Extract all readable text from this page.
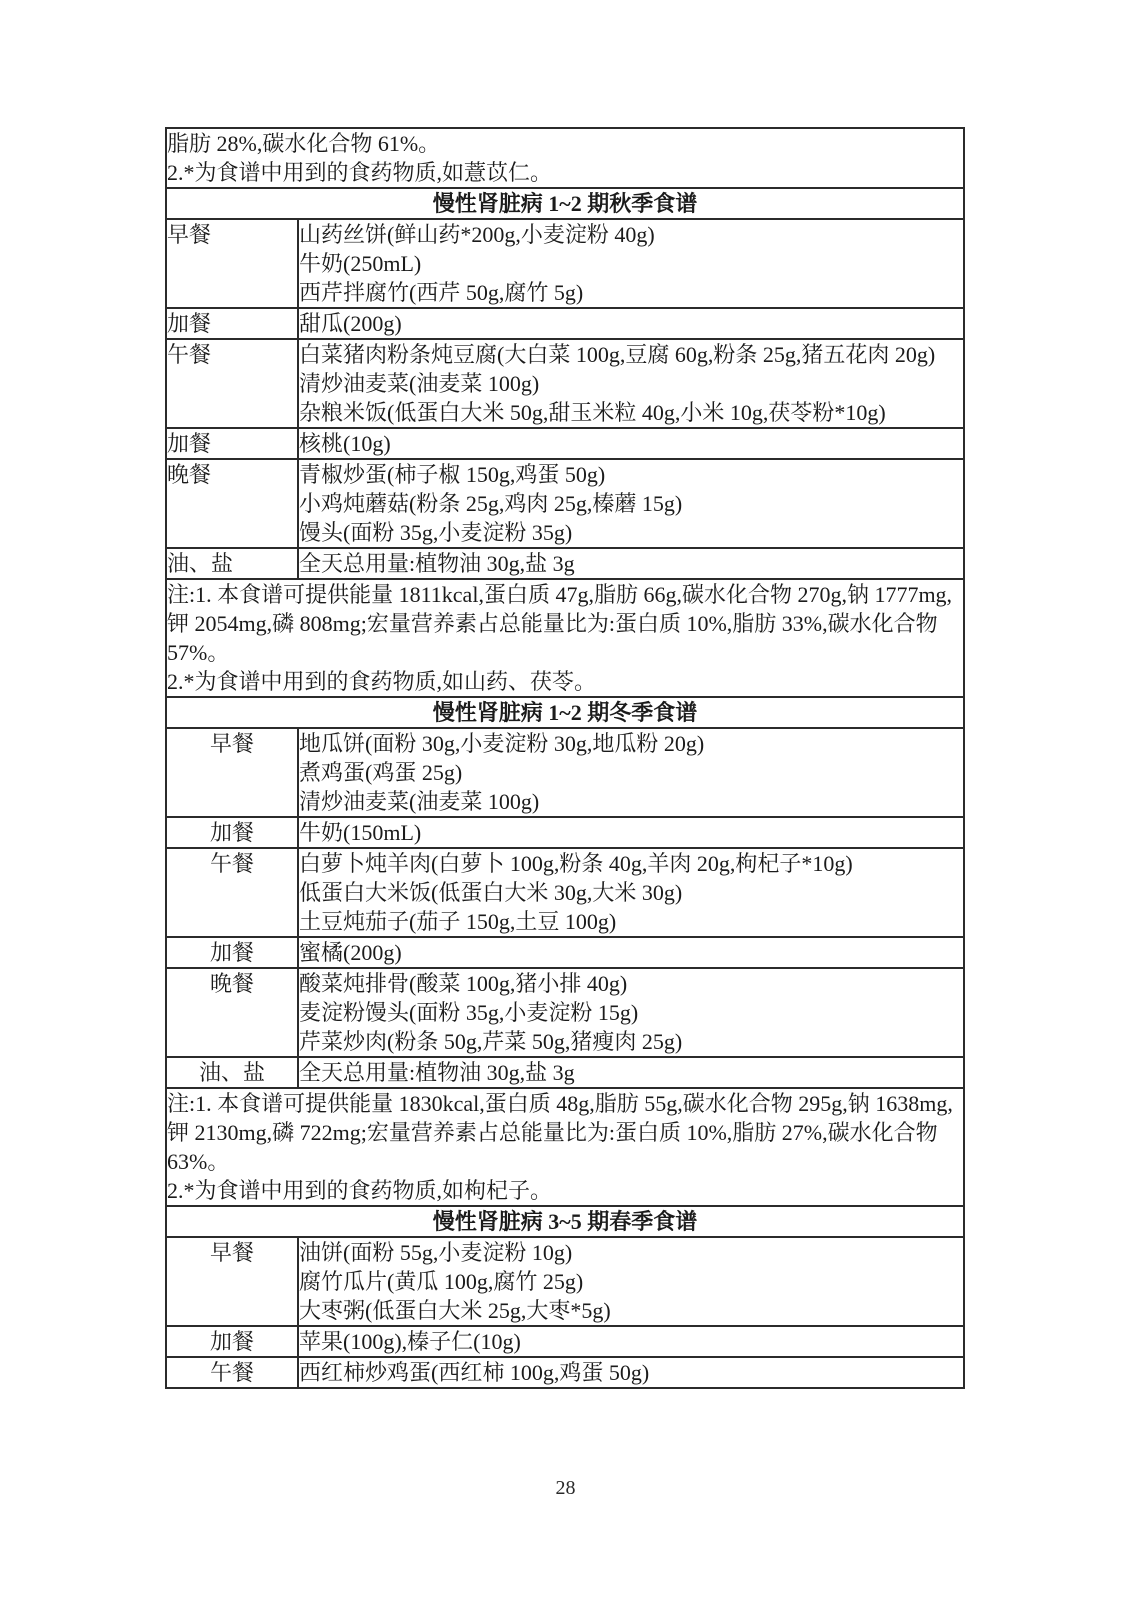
脂肪 28%,碳水化合物 61%。
2.*为食谱中用到的食药物质,如薏苡仁。	

慢性肾脏病 1~2 期秋季食谱	
早餐	山药丝饼(鲜山药*200g,小麦淀粉 40g)
牛奶(250mL)
西芹拌腐竹(西芹 50g,腐竹 5g)

加餐	甜瓜(200g)

午餐	白菜猪肉粉条炖豆腐(大白菜 100g,豆腐 60g,粉条 25g,猪五花肉 20g)
清炒油麦菜(油麦菜 100g)
杂粮米饭(低蛋白大米 50g,甜玉米粒 40g,小米 10g,茯苓粉*10g)

加餐	核桃(10g)

晚餐	青椒炒蛋(柿子椒 150g,鸡蛋 50g)
小鸡炖蘑菇(粉条 25g,鸡肉 25g,榛蘑 15g)
馒头(面粉 35g,小麦淀粉 35g)

油、盐	全天总用量:植物油 30g,盐 3g

注:1. 本食谱可提供能量 1811kcal,蛋白质 47g,脂肪 66g,碳水化合物 270g,钠 1777mg,钾 2054mg,磷 808mg;宏量营养素占总能量比为:蛋白质 10%,脂肪 33%,碳水化合物 57%。
2.*为食谱中用到的食药物质,如山药、茯苓。	

慢性肾脏病 1~2 期冬季食谱	
早餐	地瓜饼(面粉 30g,小麦淀粉 30g,地瓜粉 20g)
煮鸡蛋(鸡蛋 25g)
清炒油麦菜(油麦菜 100g)

加餐	牛奶(150mL)

午餐	白萝卜炖羊肉(白萝卜 100g,粉条 40g,羊肉 20g,枸杞子*10g)
低蛋白大米饭(低蛋白大米 30g,大米 30g)
土豆炖茄子(茄子 150g,土豆 100g)

加餐	蜜橘(200g)

晚餐	酸菜炖排骨(酸菜 100g,猪小排 40g)
麦淀粉馒头(面粉 35g,小麦淀粉 15g)
芹菜炒肉(粉条 50g,芹菜 50g,猪瘦肉 25g)

油、盐	全天总用量:植物油 30g,盐 3g

注:1. 本食谱可提供能量 1830kcal,蛋白质 48g,脂肪 55g,碳水化合物 295g,钠 1638mg,钾 2130mg,磷 722mg;宏量营养素占总能量比为:蛋白质 10%,脂肪 27%,碳水化合物 63%。
2.*为食谱中用到的食药物质,如枸杞子。	

慢性肾脏病 3~5 期春季食谱	
早餐	油饼(面粉 55g,小麦淀粉 10g)
腐竹瓜片(黄瓜 100g,腐竹 25g)
大枣粥(低蛋白大米 25g,大枣*5g)

加餐	苹果(100g),榛子仁(10g)

午餐	西红柿炒鸡蛋(西红柿 100g,鸡蛋 50g)
28
